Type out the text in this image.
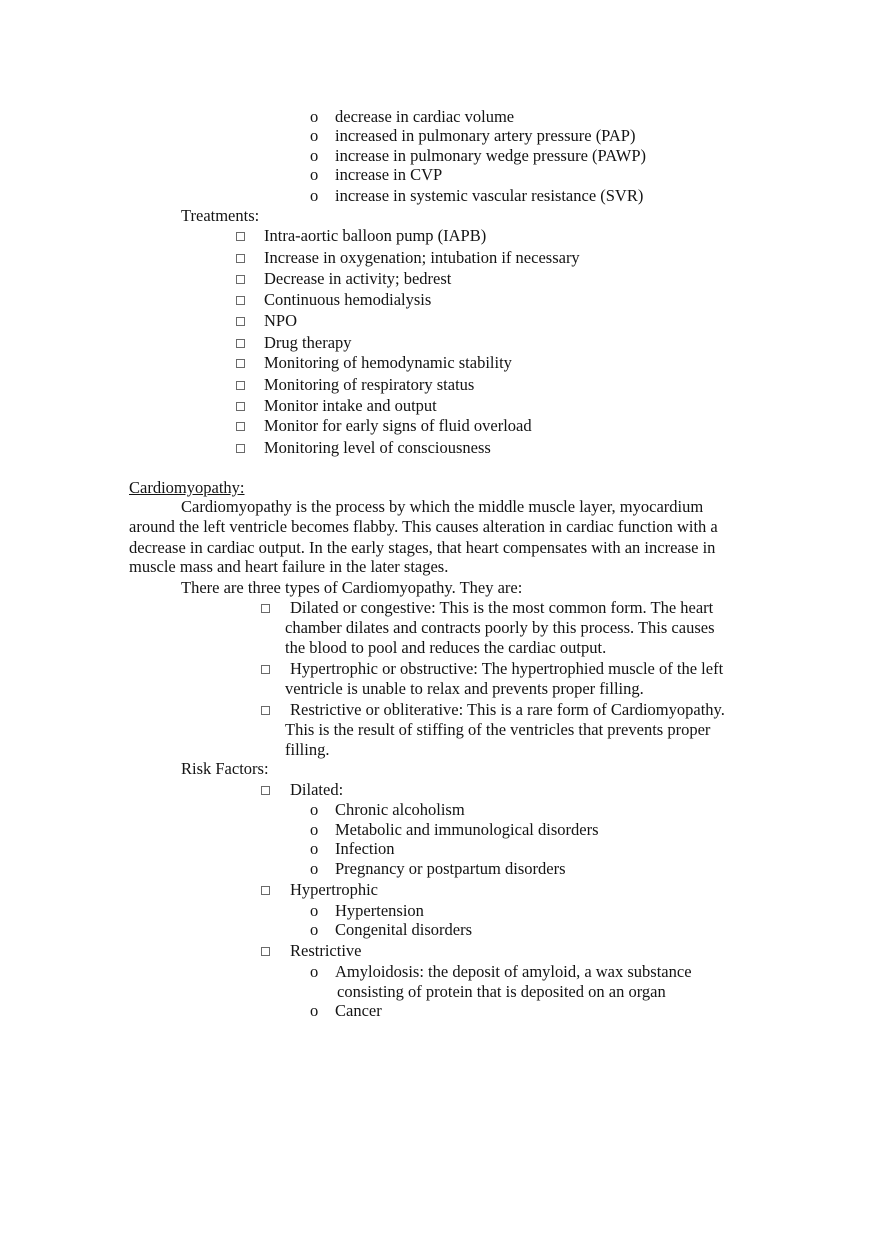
o decrease in cardiac volume
o increased in pulmonary artery pressure (PAP)
o increase in pulmonary wedge pressure (PAWP)
o increase in CVP
o increase in systemic vascular resistance (SVR)
Treatments:
Intra-aortic balloon pump (IAPB)
Increase in oxygenation; intubation if necessary
Decrease in activity; bedrest
Continuous hemodialysis
NPO
Drug therapy
Monitoring of hemodynamic stability
Monitoring of respiratory status
Monitor intake and output
Monitor for early signs of fluid overload
Monitoring level of consciousness
Cardiomyopathy:
Cardiomyopathy is the process by which the middle muscle layer, myocardium
around the left ventricle becomes flabby. This causes alteration in cardiac function with a
decrease in cardiac output. In the early stages, that heart compensates with an increase in
muscle mass and heart failure in the later stages.
There are three types of Cardiomyopathy. They are:
Dilated or congestive: This is the most common form. The heart
chamber dilates and contracts poorly by this process. This causes
the blood to pool and reduces the cardiac output.
Hypertrophic or obstructive: The hypertrophied muscle of the left
ventricle is unable to relax and prevents proper filling.
Restrictive or obliterative: This is a rare form of Cardiomyopathy.
This is the result of stiffing of the ventricles that prevents proper
filling.
Risk Factors:
Dilated:
o Chronic alcoholism
o Metabolic and immunological disorders
o Infection
o Pregnancy or postpartum disorders
Hypertrophic
o Hypertension
o Congenital disorders
Restrictive
o Amyloidosis: the deposit of amyloid, a wax substance
consisting of protein that is deposited on an organ
o Cancer
